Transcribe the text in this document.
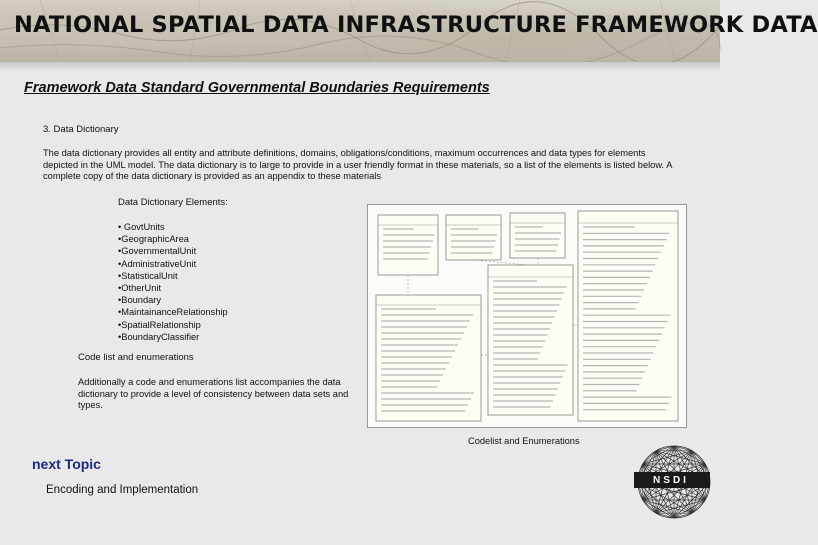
NATIONAL SPATIAL DATA INFRASTRUCTURE FRAMEWORK DATA
Framework Data Standard Governmental Boundaries Requirements
3. Data Dictionary
The data dictionary provides all entity and attribute definitions, domains, obligations/conditions, maximum occurrences and data types for elements depicted in the UML model. The data dictionary is to large to provide in a user friendly format in these materials, so a list of the elements is listed below. A complete copy of the data dictionary is provided as an appendix to these materials
Data Dictionary Elements:
• GovtUnits
•GeographicArea
•GovernmentalUnit
•AdministrativeUnit
•StatisticalUnit
•OtherUnit
•Boundary
•MaintainanceRelationship
•SpatialRelationship
•BoundaryClassifier
Code list and enumerations
Additionally a code and enumerations list accompanies the data dictionary to provide a level of consistency between data sets and types.
Codelist and Enumerations
next Topic
Encoding and Implementation
NSDI
